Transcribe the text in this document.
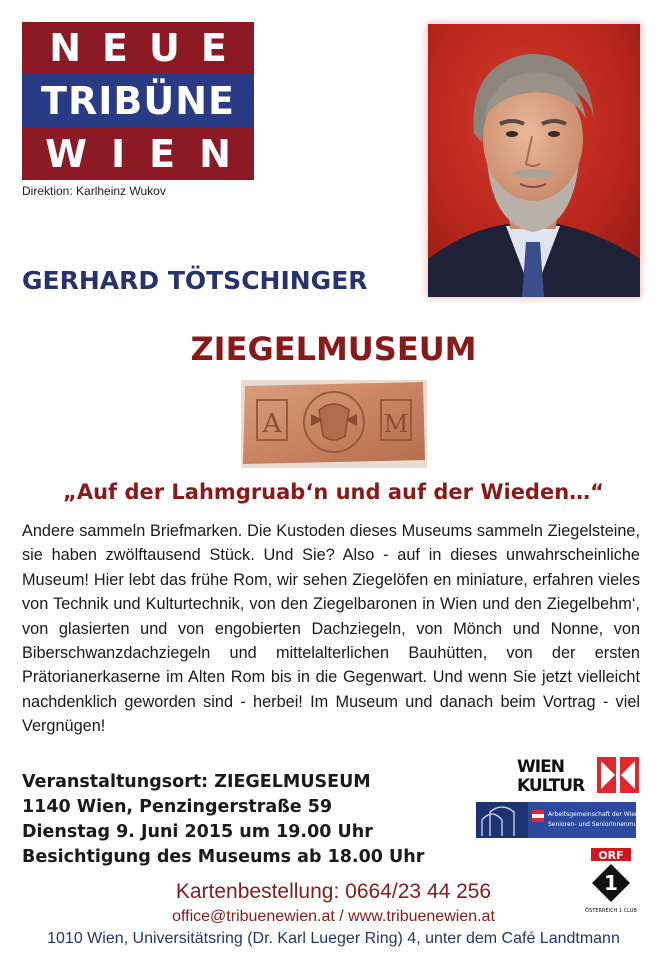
NEUE
TRIBÜNE
WIEN
Direktion: Karlheinz Wukov
GERHARD TÖTSCHINGER
ZIEGELMUSEUM
A	M
„Auf der Lahmgruab‘n und auf der Wieden…“
Andere sammeln Briefmarken. Die Kustoden dieses Museums sammeln Ziegelsteine, sie haben zwölftausend Stück. Und Sie? Also - auf in dieses unwahrscheinliche Museum! Hier lebt das frühe Rom, wir sehen Ziegelöfen en miniature, erfahren vieles von Technik und Kulturtechnik, von den Ziegelbaronen in Wien und den Ziegelbehm‘, von glasierten und von engobierten Dachziegeln, von Mönch und Nonne, von Biberschwanzdachziegeln und mittelalterlichen Bauhütten, von der ersten Prätorianerkaserne im Alten Rom bis in die Gegenwart. Und wenn Sie jetzt vielleicht nachdenklich geworden sind - herbei! Im Museum und danach beim Vortrag - viel Vergnügen!
Veranstaltungsort: ZIEGELMUSEUM
1140 Wien, Penzingerstraße 59
Dienstag 9. Juni 2015 um 19.00 Uhr
Besichtigung des Museums ab 18.00 Uhr
WIEN
KULTUR
Arbeitsgemeinschaft der Wiener
Senioren- und Seniorinnenmuseen
ORF
1
ÖSTERREICH 1 CLUB
Kartenbestellung: 0664/23 44 256
office@tribuenewien.at / www.tribuenewien.at
1010 Wien, Universitätsring (Dr. Karl Lueger Ring) 4, unter dem Café Landtmann
